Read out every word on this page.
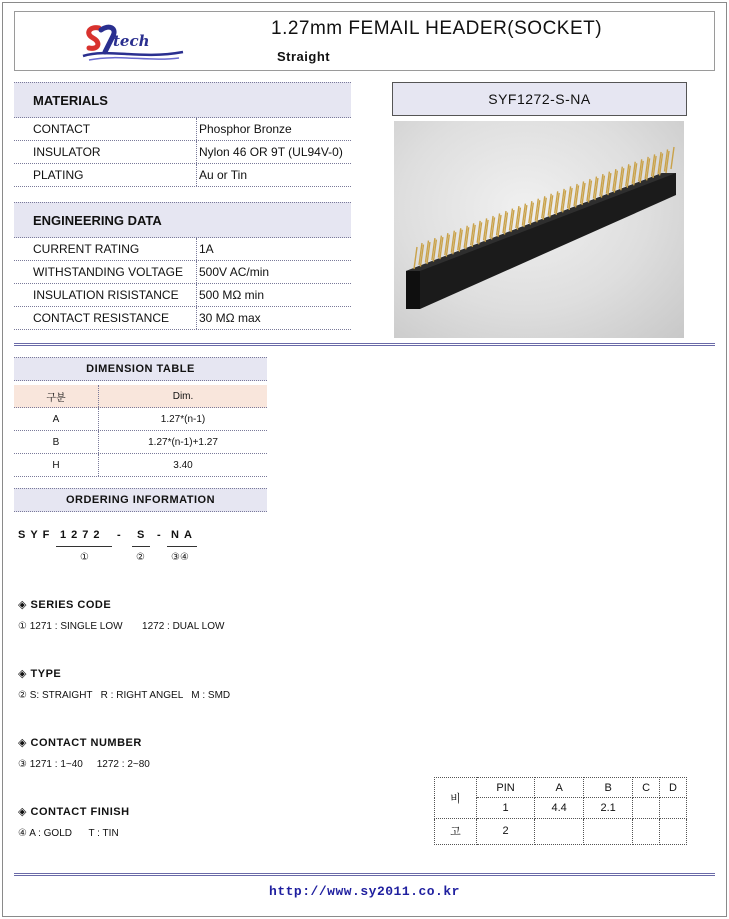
tech
1.27mm FEMAIL HEADER(SOCKET)
Straight
MATERIALS
CONTACT	Phosphor Bronze
INSULATOR	Nylon 46 OR 9T (UL94V-0)
PLATING	Au or Tin
ENGINEERING DATA
CURRENT RATING	1A
WITHSTANDING VOLTAGE	500V AC/min
INSULATION RISISTANCE	500 MΩ min
CONTACT RESISTANCE	30 MΩ max
SYF1272-S-NA
DIMENSION TABLE
구분	Dim.
A	1.27*(n-1)
B	1.27*(n-1)+1.27
H	3.40
ORDERING INFORMATION
SYF 1272 - S - NA
①	②	③④
◈ SERIES CODE
① 1271 : SINGLE LOW       1272 : DUAL LOW
◈ TYPE
② S: STRAIGHT   R : RIGHT ANGEL   M : SMD
◈ CONTACT NUMBER
③ 1271 : 1~40     1272 : 2~80
◈ CONTACT FINISH
④ A : GOLD      T : TIN
비	PIN	A	B	C	D
	1	4.4	2.1		
고	2				
http://www.sy2011.co.kr
